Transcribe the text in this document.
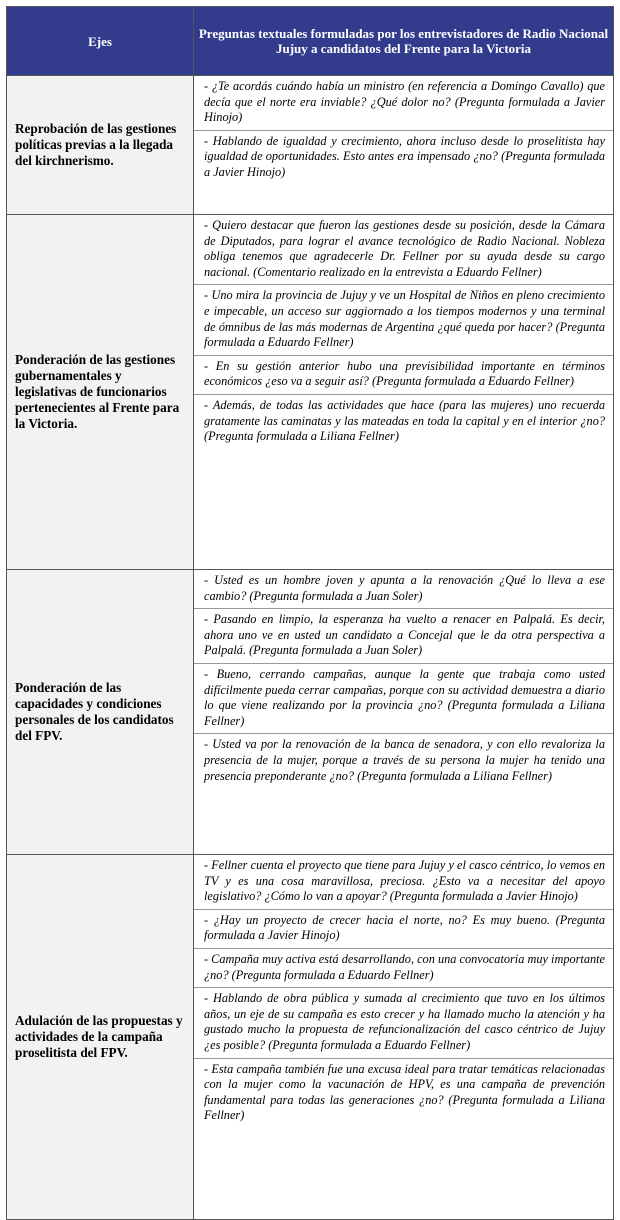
Ejes	Preguntas textuales formuladas por los entrevistadores de Radio Nacional Jujuy a candidatos del Frente para la Victoria
Reprobación de las gestiones políticas previas a la llegada del kirchnerismo.	- ¿Te acordás cuándo había un ministro (en referencia a Domingo Cavallo) que decía que el norte era inviable? ¿Qué dolor no? (Pregunta formulada a Javier Hinojo)
- Hablando de igualdad y crecimiento, ahora incluso desde lo proselitista hay igualdad de oportunidades. Esto antes era impensado ¿no? (Pregunta formulada a Javier Hinojo)

Ponderación de las gestiones gubernamentales y legislativas de funcionarios pertenecientes al Frente para la Victoria.	- Quiero destacar que fueron las gestiones desde su posición, desde la Cámara de Diputados, para lograr el avance tecnológico de Radio Nacional. Nobleza obliga tenemos que agradecerle Dr. Fellner por su ayuda desde su cargo nacional. (Comentario realizado en la entrevista a Eduardo Fellner)
- Uno mira la provincia de Jujuy y ve un Hospital de Niños en pleno crecimiento e impecable, un acceso sur aggiornado a los tiempos modernos y una terminal de ómnibus de las más modernas de Argentina ¿qué queda por hacer? (Pregunta formulada a Eduardo Fellner)
- En su gestión anterior hubo una previsibilidad importante en términos económicos ¿eso va a seguir así? (Pregunta formulada a Eduardo Fellner)
- Además, de todas las actividades que hace (para las mujeres) uno recuerda gratamente las caminatas y las mateadas en toda la capital y en el interior ¿no? (Pregunta formulada a Liliana Fellner)

Ponderación de las capacidades y condiciones personales de los candidatos del FPV.	- Usted es un hombre joven y apunta a la renovación ¿Qué lo lleva a ese cambio? (Pregunta formulada a Juan Soler)
- Pasando en limpio, la esperanza ha vuelto a renacer en Palpalá. Es decir, ahora uno ve en usted un candidato a Concejal que le da otra perspectiva a Palpalá. (Pregunta formulada a Juan Soler)
- Bueno, cerrando campañas, aunque la gente que trabaja como usted difícilmente pueda cerrar campañas, porque con su actividad demuestra a diario lo que viene realizando por la provincia ¿no? (Pregunta formulada a Liliana Fellner)
- Usted va por la renovación de la banca de senadora, y con ello revaloriza la presencia de la mujer, porque a través de su persona la mujer ha tenido una presencia preponderante ¿no? (Pregunta formulada a Liliana Fellner)

Adulación de las propuestas y actividades de la campaña proselitista del FPV.	- Fellner cuenta el proyecto que tiene para Jujuy y el casco céntrico, lo vemos en TV y es una cosa maravillosa, preciosa. ¿Esto va a necesitar del apoyo legislativo? ¿Cómo lo van a apoyar? (Pregunta formulada a Javier Hinojo)
- ¿Hay un proyecto de crecer hacia el norte, no? Es muy bueno. (Pregunta formulada a Javier Hinojo)
- Campaña muy activa está desarrollando, con una convocatoria muy importante ¿no? (Pregunta formulada a Eduardo Fellner)
- Hablando de obra pública y sumada al crecimiento que tuvo en los últimos años, un eje de su campaña es esto crecer y ha llamado mucho la atención y ha gustado mucho la propuesta de refuncionalización del casco céntrico de Jujuy ¿es posible? (Pregunta formulada a Eduardo Fellner)
- Esta campaña también fue una excusa ideal para tratar temáticas relacionadas con la mujer como la vacunación de HPV, es una campaña de prevención fundamental para todas las generaciones ¿no? (Pregunta formulada a Liliana Fellner)
